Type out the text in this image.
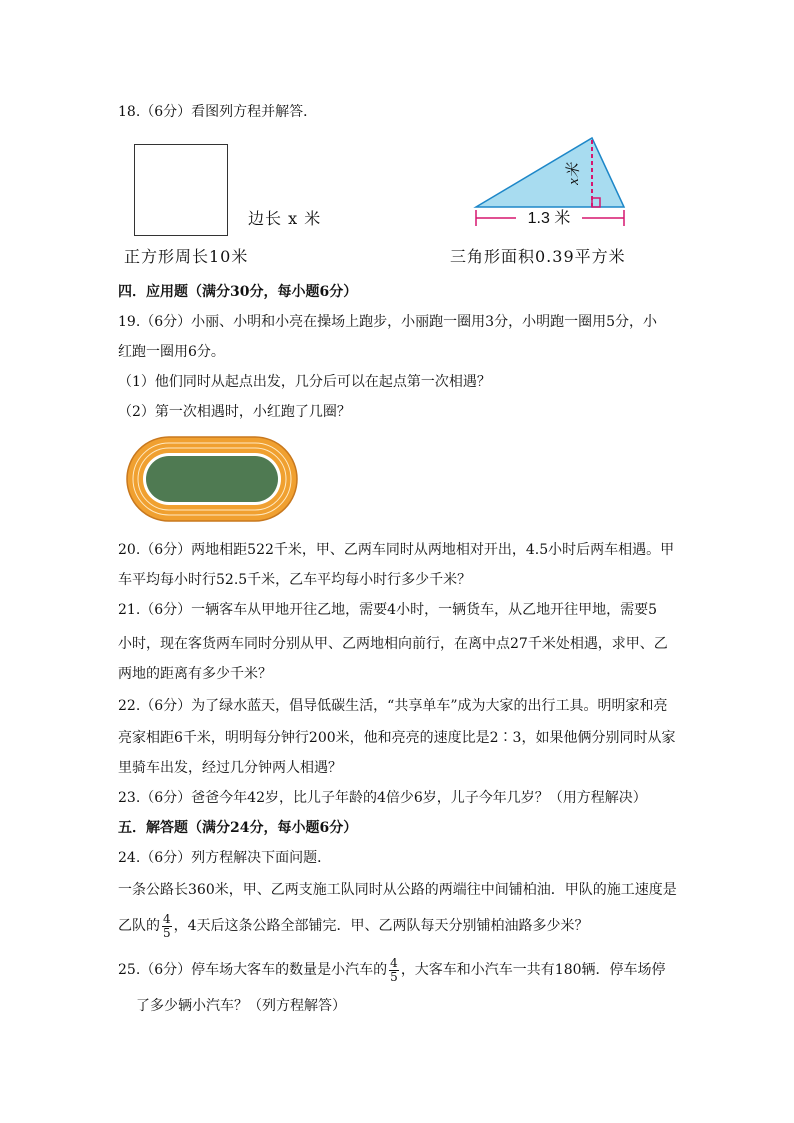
18.（6分）看图列方程并解答．
边长 x 米
正方形周长10米
1.3 米
x米
三角形面积0.39平方米
四．应用题（满分30分，每小题6分）
19.（6分）小丽、小明和小亮在操场上跑步，小丽跑一圈用3分，小明跑一圈用5分，小
红跑一圈用6分。
（1）他们同时从起点出发，几分后可以在起点第一次相遇？
（2）第一次相遇时，小红跑了几圈？
20.（6分）两地相距522千米，甲、乙两车同时从两地相对开出，4.5小时后两车相遇。甲
车平均每小时行52.5千米，乙车平均每小时行多少千米？
21.（6分）一辆客车从甲地开往乙地，需要4小时，一辆货车，从乙地开往甲地，需要5
小时，现在客货两车同时分别从甲、乙两地相向前行，在离中点27千米处相遇，求甲、乙
两地的距离有多少千米？
22.（6分）为了绿水蓝天，倡导低碳生活，“共享单车”成为大家的出行工具。明明家和亮
亮家相距6千米，明明每分钟行200米，他和亮亮的速度比是2∶3，如果他俩分别同时从家
里骑车出发，经过几分钟两人相遇？
23.（6分）爸爸今年42岁，比儿子年龄的4倍少6岁，儿子今年几岁？（用方程解决）
五．解答题（满分24分，每小题6分）
24.（6分）列方程解决下面问题．
一条公路长360米，甲、乙两支施工队同时从公路的两端往中间铺柏油．甲队的施工速度是
乙队的 $\frac{4}{5}$ ，4天后这条公路全部铺完．甲、乙两队每天分别铺柏油路多少米？
25.（6分）停车场大客车的数量是小汽车的 $\frac{4}{5}$ ，大客车和小汽车一共有180辆．停车场停
了多少辆小汽车？（列方程解答）
